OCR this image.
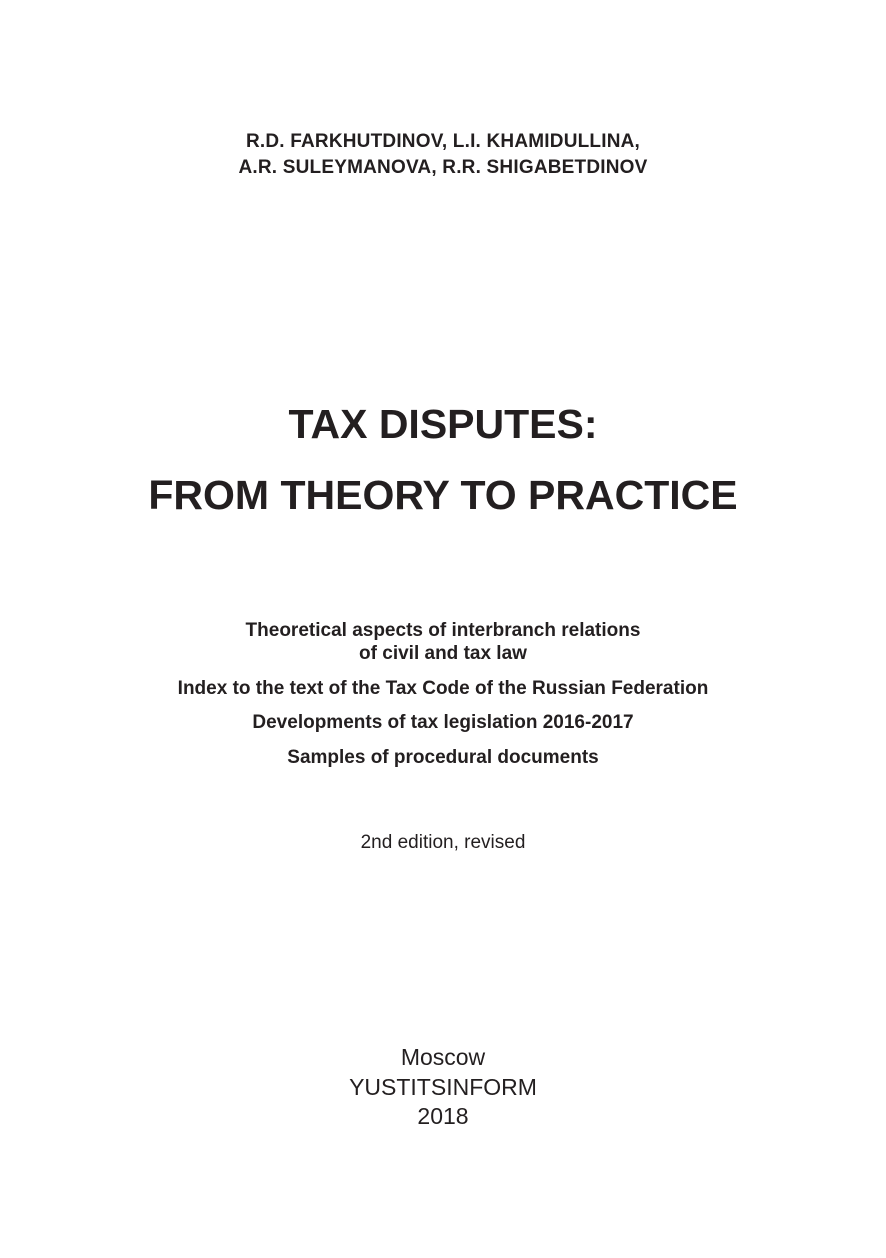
R.D. FARKHUTDINOV, L.I. KHAMIDULLINA,
A.R. SULEYMANOVA, R.R. SHIGABETDINOV
TAX DISPUTES:
FROM THEORY TO PRACTICE
Theoretical aspects of interbranch relations
of civil and tax law
Index to the text of the Tax Code of the Russian Federation
Developments of tax legislation 2016-2017
Samples of procedural documents
2nd edition, revised
Moscow
YUSTITSINFORM
2018
